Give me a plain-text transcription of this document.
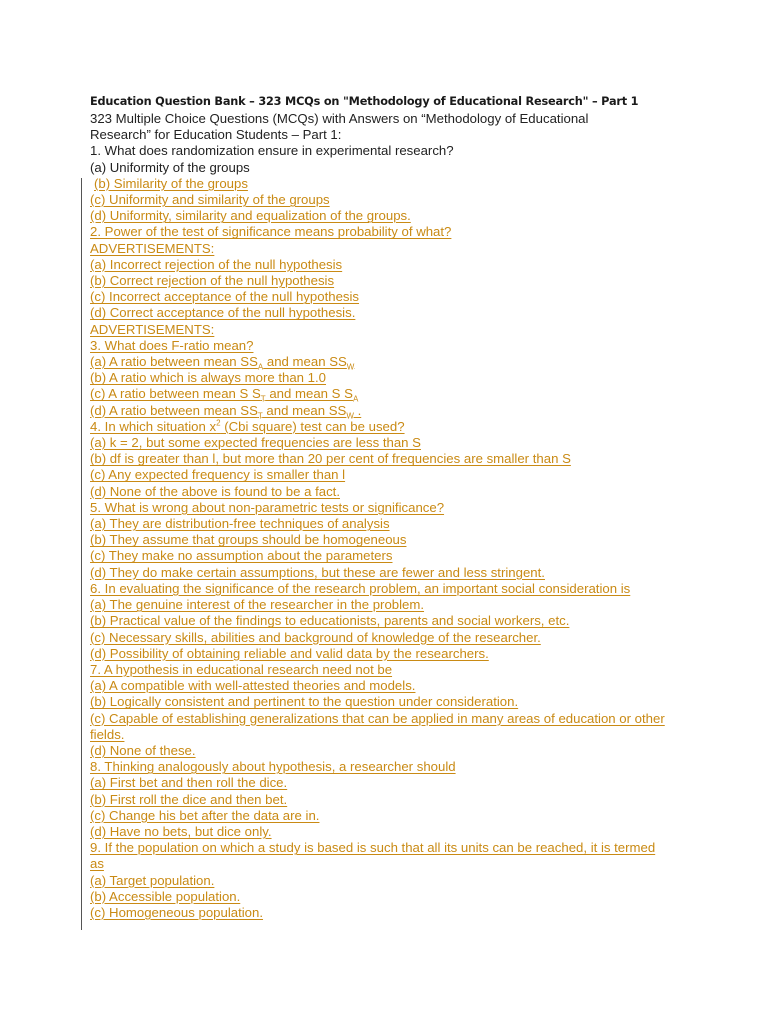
Education Question Bank – 323 MCQs on "Methodology of Educational Research" – Part 1
323 Multiple Choice Questions (MCQs) with Answers on “Methodology of Educational Research” for Education Students – Part 1:
1. What does randomization ensure in experimental research?
(a) Uniformity of the groups
(b) Similarity of the groups
(c) Uniformity and similarity of the groups
(d) Uniformity, similarity and equalization of the groups.
2. Power of the test of significance means probability of what?
ADVERTISEMENTS:
(a) Incorrect rejection of the null hypothesis
(b) Correct rejection of the null hypothesis
(c) Incorrect acceptance of the null hypothesis
(d) Correct acceptance of the null hypothesis.
ADVERTISEMENTS:
3. What does F-ratio mean?
(a) A ratio between mean $SS_A$ and mean $SS_W$
(b) A ratio which is always more than 1.0
(c) A ratio between mean S $S_T$ and mean S $S_A$
(d) A ratio between mean $SS_T$ and mean $SS_W$ .
4. In which situation $x^2$ (Cbi square) test can be used?
(a) k = 2, but some expected frequencies are less than S
(b) df is greater than l, but more than 20 per cent of frequencies are smaller than S
(c) Any expected frequency is smaller than l
(d) None of the above is found to be a fact.
5. What is wrong about non-parametric tests or significance?
(a) They are distribution-free techniques of analysis
(b) They assume that groups should be homogeneous
(c) They make no assumption about the parameters
(d) They do make certain assumptions, but these are fewer and less stringent.
6. In evaluating the significance of the research problem, an important social consideration is
(a) The genuine interest of the researcher in the problem.
(b) Practical value of the findings to educationists, parents and social workers, etc.
(c) Necessary skills, abilities and background of knowledge of the researcher.
(d) Possibility of obtaining reliable and valid data by the researchers.
7. A hypothesis in educational research need not be
(a) A compatible with well-attested theories and models.
(b) Logically consistent and pertinent to the question under consideration.
(c) Capable of establishing generalizations that can be applied in many areas of education or other fields.
(d) None of these.
8. Thinking analogously about hypothesis, a researcher should
(a) First bet and then roll the dice.
(b) First roll the dice and then bet.
(c) Change his bet after the data are in.
(d) Have no bets, but dice only.
9. If the population on which a study is based is such that all its units can be reached, it is termed as
(a) Target population.
(b) Accessible population.
(c) Homogeneous population.
